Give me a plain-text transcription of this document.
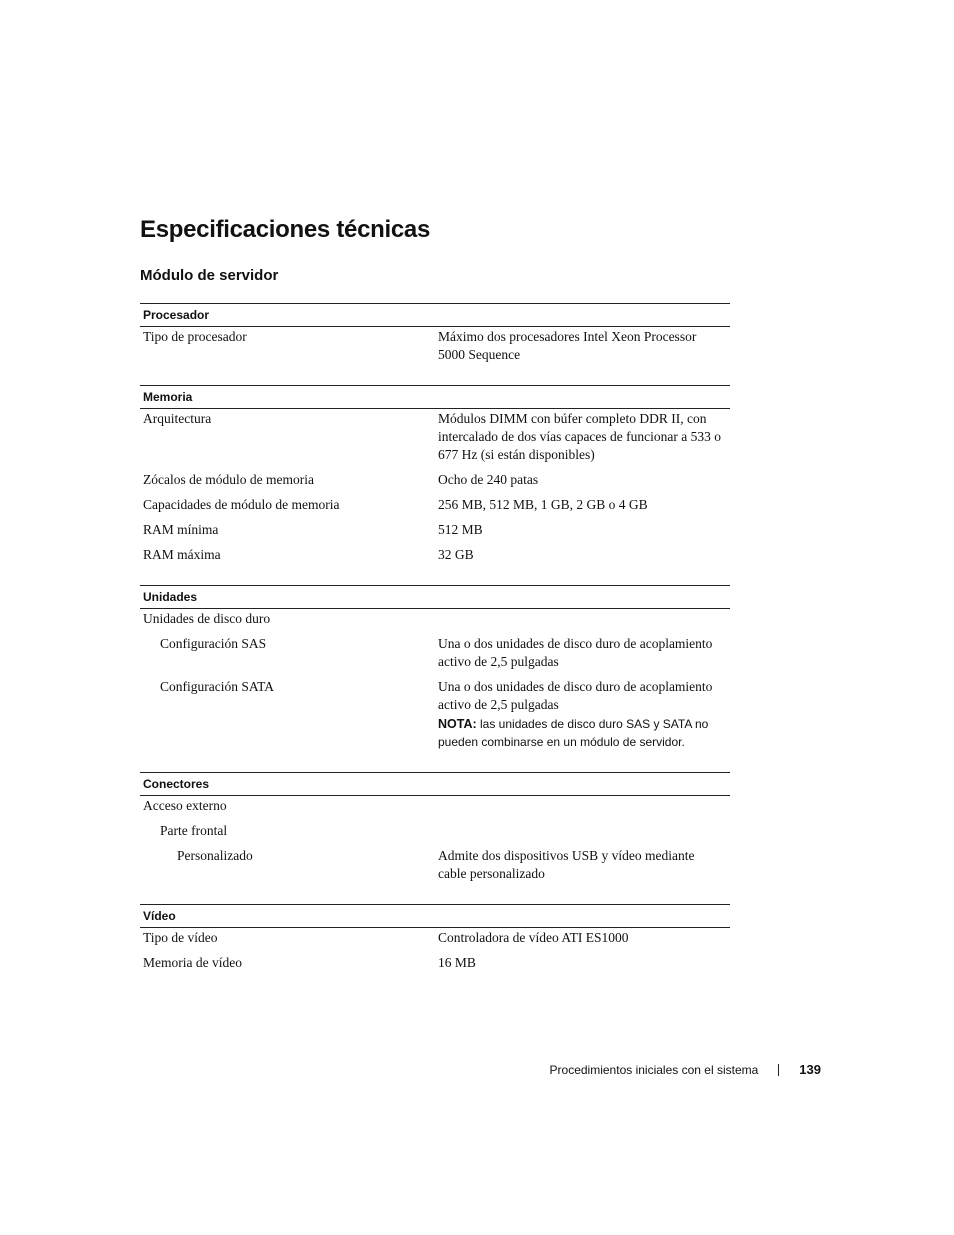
Especificaciones técnicas
Módulo de servidor
Procesador
Tipo de procesador	Máximo dos procesadores Intel Xeon Processor 5000 Sequence
Memoria
Arquitectura	Módulos DIMM con búfer completo DDR II, con intercalado de dos vías capaces de funcionar a 533 o 677 Hz (si están disponibles)
Zócalos de módulo de memoria	Ocho de 240 patas
Capacidades de módulo de memoria	256 MB, 512 MB, 1 GB, 2 GB o 4 GB
RAM mínima	512 MB
RAM máxima	32 GB
Unidades
Unidades de disco duro
Configuración SAS	Una o dos unidades de disco duro de acoplamiento activo de 2,5 pulgadas
Configuración SATA	Una o dos unidades de disco duro de acoplamiento activo de 2,5 pulgadas
NOTA: las unidades de disco duro SAS y SATA no pueden combinarse en un módulo de servidor.
Conectores
Acceso externo
Parte frontal
Personalizado	Admite dos dispositivos USB y vídeo mediante cable personalizado
Vídeo
Tipo de vídeo	Controladora de vídeo ATI ES1000
Memoria de vídeo	16 MB
Procedimientos iniciales con el sistema	139
